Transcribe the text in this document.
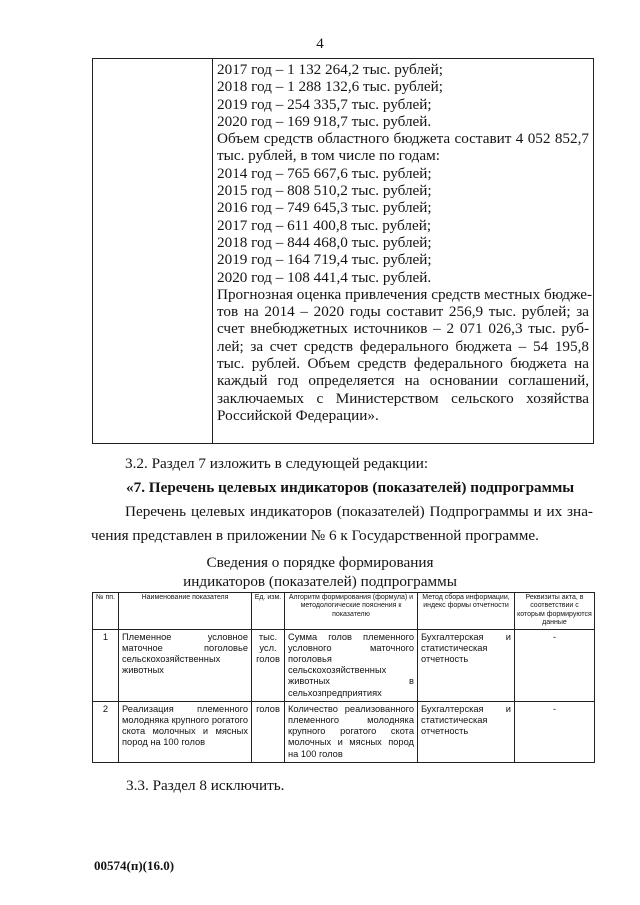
4
2017 год – 1 132 264,2 тыс. рублей;
2018 год – 1 288 132,6 тыс. рублей;
2019 год – 254 335,7 тыс. рублей;
2020 год – 169 918,7 тыс. рублей.
Объем средств областного бюджета составит 4 052 852,7
тыс. рублей, в том числе по годам:
2014 год – 765 667,6 тыс. рублей;
2015 год – 808 510,2 тыс. рублей;
2016 год – 749 645,3 тыс. рублей;
2017 год – 611 400,8 тыс. рублей;
2018 год – 844 468,0 тыс. рублей;
2019 год – 164 719,4 тыс. рублей;
2020 год – 108 441,4 тыс. рублей.
Прогнозная оценка привлечения средств местных бюдже-
тов на 2014 – 2020 годы составит 256,9 тыс. рублей; за
счет внебюджетных источников – 2 071 026,3 тыс. руб-
лей; за счет средств федерального бюджета – 54 195,8
тыс. рублей. Объем средств федерального бюджета на
каждый год определяется на основании соглашений,
заключаемых с Министерством сельского хозяйства
Российской Федерации».
3.2. Раздел 7 изложить в следующей редакции:
«7. Перечень целевых индикаторов (показателей) подпрограммы
Перечень целевых индикаторов (показателей) Подпрограммы и их зна-
чения представлен в приложении № 6 к Государственной программе.
Сведения о порядке формирования
индикаторов (показателей) подпрограммы
№ пп.	Наименование показателя	Ед. изм.	Алгоритм формирования (формула) и методологические пояснения к показателю	Метод сбора информации, индекс формы отчетности	Реквизиты акта, в соответствии с которым формируются данные
1	Племенное условное маточное поголовье сельскохозяйственных животных	тыс. усл. голов	Сумма голов племенного условного маточного поголовья сельскохозяйственных животных в сельхозпредприятиях	Бухгалтерская и статистическая отчетность	-
2	Реализация племенного молодняка крупного рогатого скота молочных и мясных пород на 100 голов	голов	Количество реализованного племенного молодняка крупного рогатого скота молочных и мясных пород на 100 голов	Бухгалтерская и статистическая отчетность	-
3.3. Раздел 8 исключить.
00574(п)(16.0)
